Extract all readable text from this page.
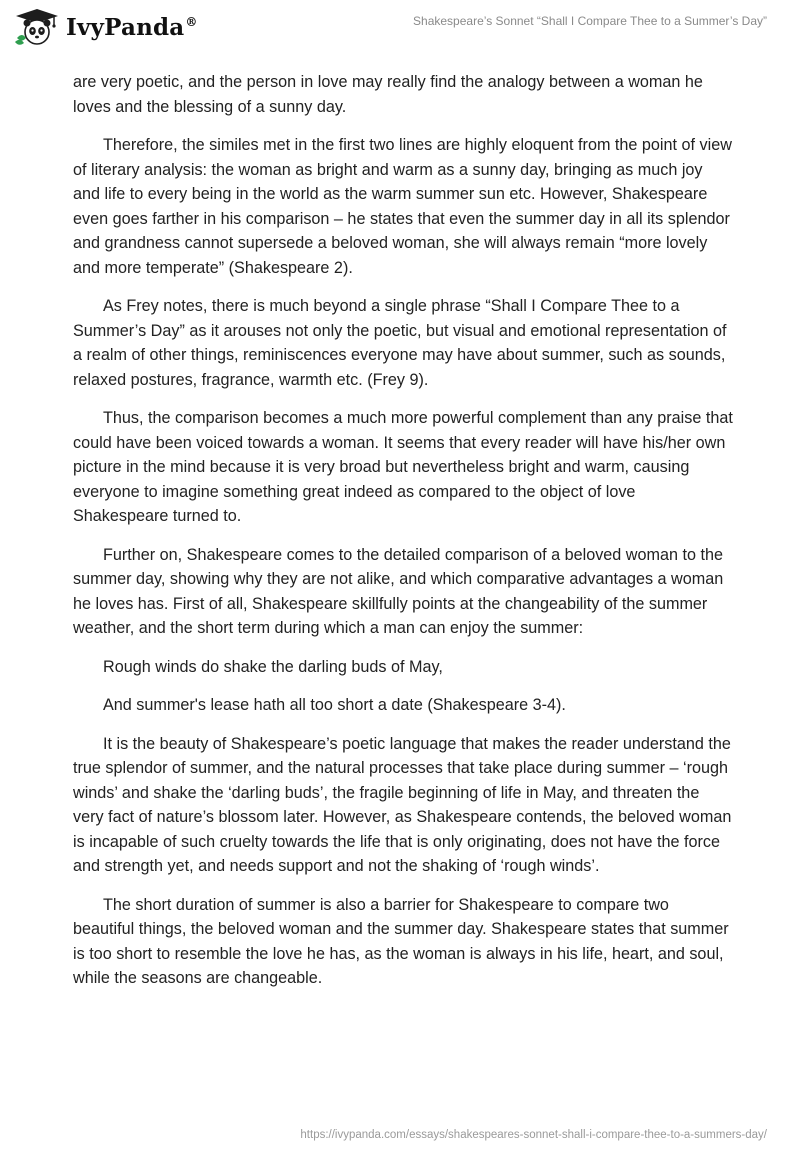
IvyPanda®	Shakespeare’s Sonnet “Shall I Compare Thee to a Summer’s Day”

are very poetic, and the person in love may really find the analogy between a woman he loves and the blessing of a sunny day.

Therefore, the similes met in the first two lines are highly eloquent from the point of view of literary analysis: the woman as bright and warm as a sunny day, bringing as much joy and life to every being in the world as the warm summer sun etc. However, Shakespeare even goes farther in his comparison – he states that even the summer day in all its splendor and grandness cannot supersede a beloved woman, she will always remain “more lovely and more temperate” (Shakespeare 2).

As Frey notes, there is much beyond a single phrase “Shall I Compare Thee to a Summer’s Day” as it arouses not only the poetic, but visual and emotional representation of a realm of other things, reminiscences everyone may have about summer, such as sounds, relaxed postures, fragrance, warmth etc. (Frey 9).

Thus, the comparison becomes a much more powerful complement than any praise that could have been voiced towards a woman. It seems that every reader will have his/her own picture in the mind because it is very broad but nevertheless bright and warm, causing everyone to imagine something great indeed as compared to the object of love Shakespeare turned to.

Further on, Shakespeare comes to the detailed comparison of a beloved woman to the summer day, showing why they are not alike, and which comparative advantages a woman he loves has. First of all, Shakespeare skillfully points at the changeability of the summer weather, and the short term during which a man can enjoy the summer:

Rough winds do shake the darling buds of May,

And summer's lease hath all too short a date (Shakespeare 3-4).

It is the beauty of Shakespeare’s poetic language that makes the reader understand the true splendor of summer, and the natural processes that take place during summer – ‘rough winds’ and shake the ‘darling buds’, the fragile beginning of life in May, and threaten the very fact of nature’s blossom later. However, as Shakespeare contends, the beloved woman is incapable of such cruelty towards the life that is only originating, does not have the force and strength yet, and needs support and not the shaking of ‘rough winds’.

The short duration of summer is also a barrier for Shakespeare to compare two beautiful things, the beloved woman and the summer day. Shakespeare states that summer is too short to resemble the love he has, as the woman is always in his life, heart, and soul, while the seasons are changeable.

https://ivypanda.com/essays/shakespeares-sonnet-shall-i-compare-thee-to-a-summers-day/
